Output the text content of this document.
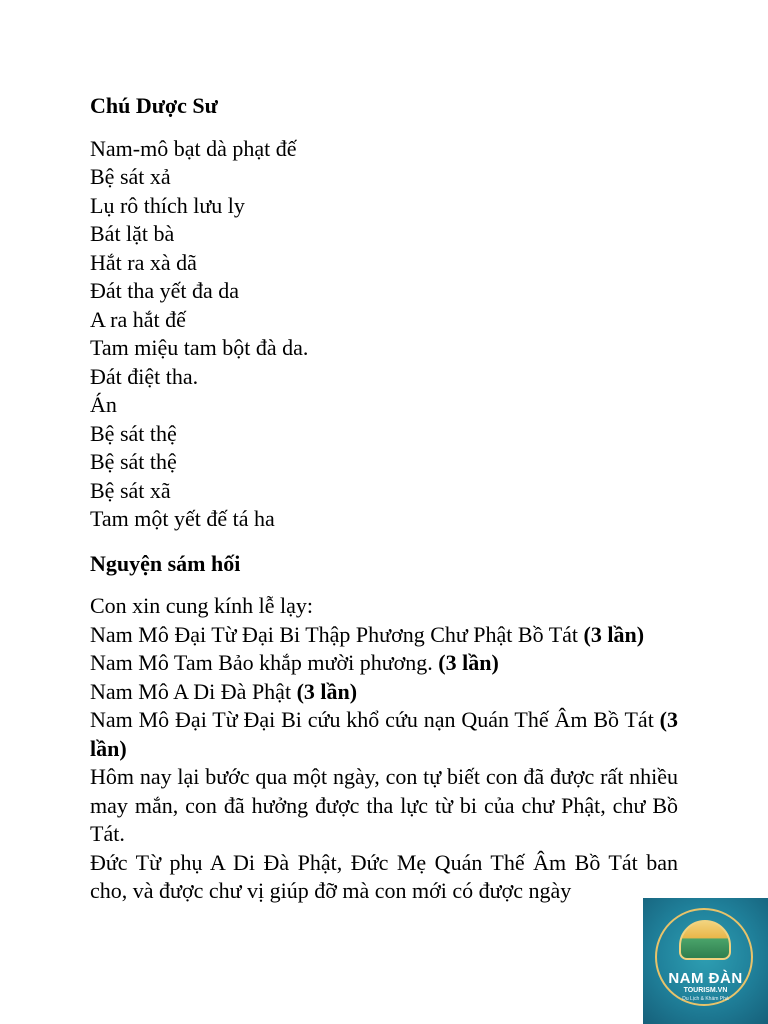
Chú Dược Sư
Nam-mô bạt dà phạt đế
Bệ sát xả
Lụ rô thích lưu ly
Bát lặt bà
Hắt ra xà dã
Đát tha yết đa da
A ra hắt đế
Tam miệu tam bột đà da.
Đát điệt tha.
Án
Bệ sát thệ
Bệ sát thệ
Bệ sát xã
Tam một yết đế tá ha
Nguyện sám hối
Con xin cung kính lễ lạy:
Nam Mô Đại Từ Đại Bi Thập Phương Chư Phật Bồ Tát (3 lần)
Nam Mô Tam Bảo khắp mười phương. (3 lần)
Nam Mô A Di Đà Phật (3 lần)
Nam Mô Đại Từ Đại Bi cứu khổ cứu nạn Quán Thế Âm Bồ Tát (3 lần)
Hôm nay lại bước qua một ngày, con tự biết con đã được rất nhiều may mắn, con đã hưởng được tha lực từ bi của chư Phật, chư Bồ Tát.
Đức Từ phụ A Di Đà Phật, Đức Mẹ Quán Thế Âm Bồ Tát ban cho, và được chư vị giúp đỡ mà con mới có được ngày
NAM ĐÀN
TOURISM.VN
Du Lịch & Khám Phá
